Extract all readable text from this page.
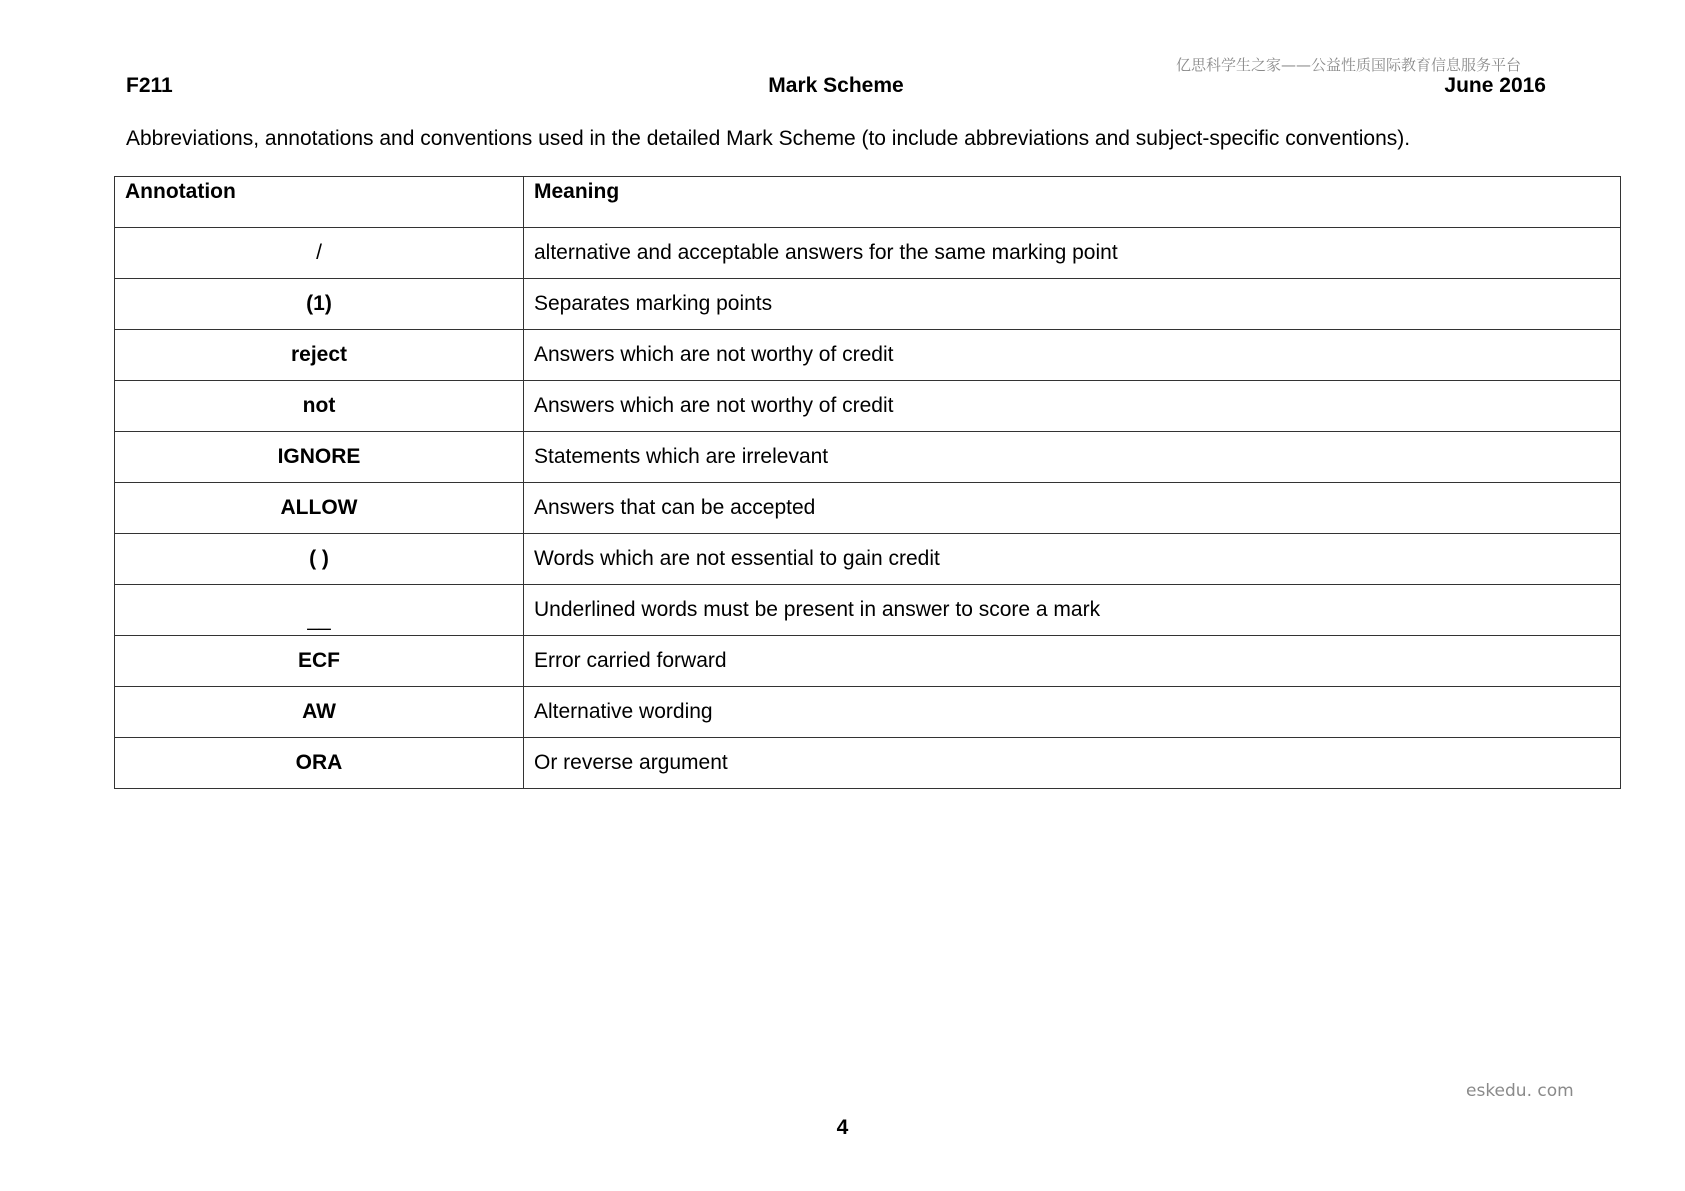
亿思科学生之家——公益性质国际教育信息服务平台
F211	Mark Scheme	June 2016
Abbreviations, annotations and conventions used in the detailed Mark Scheme (to include abbreviations and subject-specific conventions).
Annotation	Meaning
/	alternative and acceptable answers for the same marking point
(1)	Separates marking points
reject	Answers which are not worthy of credit
not	Answers which are not worthy of credit
IGNORE	Statements which are irrelevant
ALLOW	Answers that can be accepted
( )	Words which are not essential to gain credit
__	Underlined words must be present in answer to score a mark
ECF	Error carried forward
AW	Alternative wording
ORA	Or reverse argument
eskedu. com
4
